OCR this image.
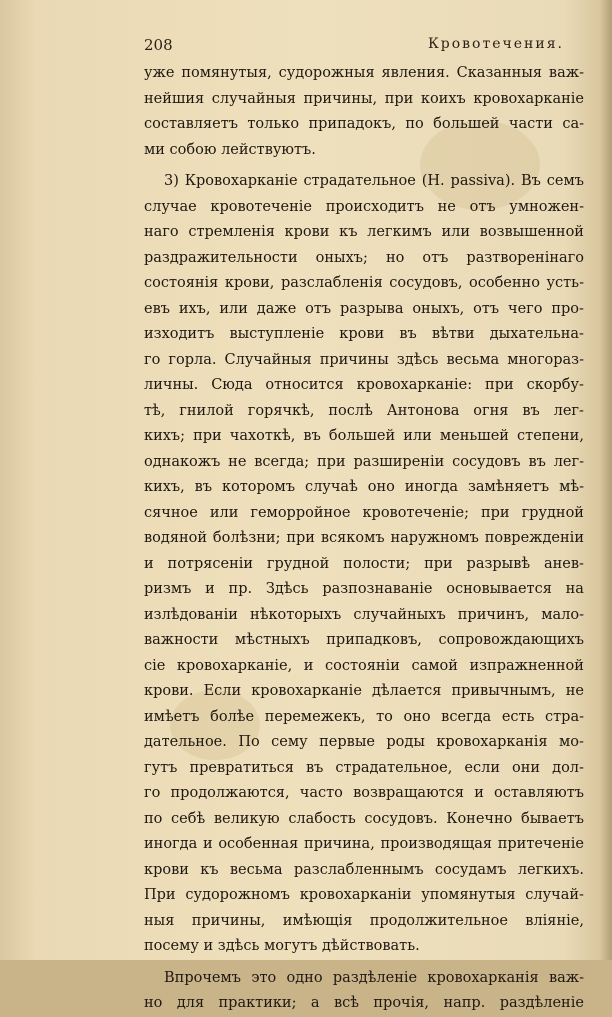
208	Кровотечения.
уже помянутыя, судорожныя явления. Сказанныя важ-
нейшия случайныя причины, при коихъ кровохарканiе
составляетъ только припадокъ, по большей части са-
ми собою лействуютъ.
3) Кровохарканiе страдательное (H. passiva). Въ семъ
случае кровотеченiе происходитъ не отъ умножен-
наго стремленiя крови къ легкимъ или возвышенной
раздражительности оныхъ; но отъ разтворенiнаго
состоянiя крови, разслабленiя сосудовъ, особенно усть-
евъ ихъ, или даже отъ разрыва оныхъ, отъ чего про-
изходитъ выступленiе крови въ вѣтви дыхательна-
го горла. Случайныя причины здѣсь весьма многораз-
личны. Сюда относится кровохарканiе: при скорбу-
тѣ, гнилой горячкѣ, послѣ Антонова огня въ лег-
кихъ; при чахоткѣ, въ большей или меньшей степени,
однакожъ не всегда; при разширенiи сосудовъ въ лег-
кихъ, въ которомъ случаѣ оно иногда замѣняетъ мѣ-
сячное или геморройное кровотеченiе; при грудной
водяной болѣзни; при всякомъ наружномъ поврежденiи
и потрясенiи грудной полости; при разрывѣ анев-
ризмъ и пр. Здѣсь разпознаванiе основывается на
излѣдованiи нѣкоторыхъ случайныхъ причинъ, мало-
важности мѣстныхъ припадковъ, сопровождающихъ
сiе кровохарканiе, и состоянiи самой изпражненной
крови. Если кровохарканiе дѣлается привычнымъ, не
имѣетъ болѣе перемежекъ, то оно всегда есть стра-
дательное. По сему первые роды кровохарканiя мо-
гутъ превратиться въ страдательное, если они дол-
го продолжаются, часто возвращаются и оставляютъ
по себѣ великую слабость сосудовъ. Конечно бываетъ
иногда и особенная причина, производящая притеченiе
крови къ весьма разслабленнымъ сосудамъ легкихъ.
При судорожномъ кровохарканiи упомянутыя случай-
ныя причины, имѣющiя продолжительное влiянiе,
посему и здѣсь могутъ дѣйствовать.
Впрочемъ это одно раздѣленiе кровохарканiя важ-
но для практики; а всѣ прочiя, напр. раздѣленiе
